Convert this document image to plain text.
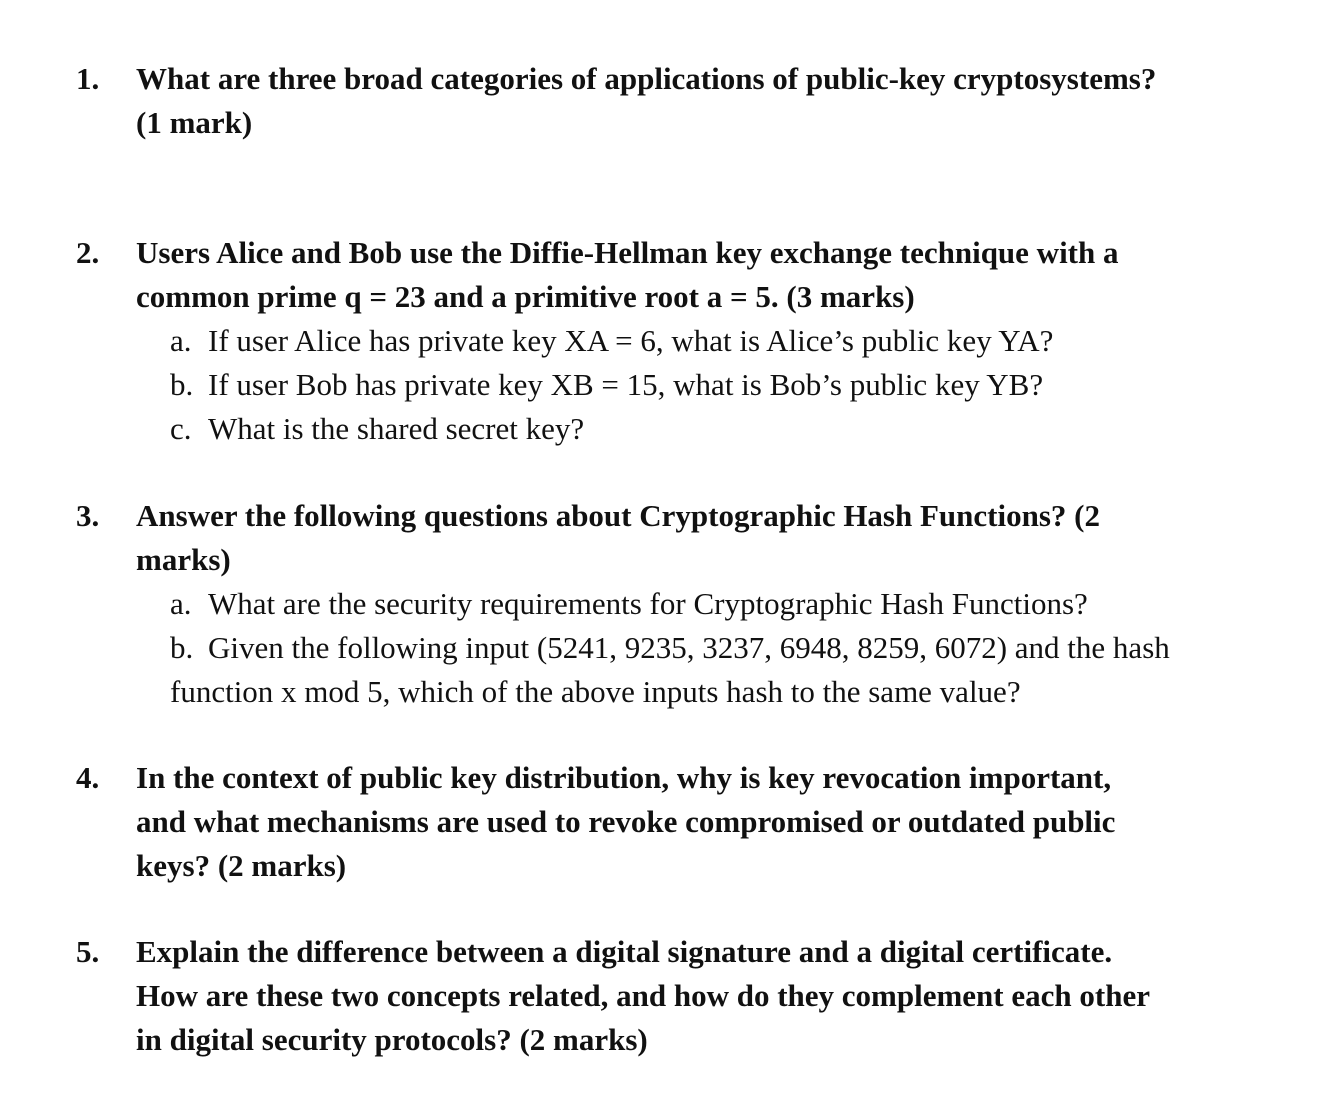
1. What are three broad categories of applications of public-key cryptosystems?
(1 mark)
2. Users Alice and Bob use the Diffie-Hellman key exchange technique with a
common prime q = 23 and a primitive root a = 5. (3 marks)
a. If user Alice has private key XA = 6, what is Alice’s public key YA?
b. If user Bob has private key XB = 15, what is Bob’s public key YB?
c. What is the shared secret key?
3. Answer the following questions about Cryptographic Hash Functions? (2
marks)
a. What are the security requirements for Cryptographic Hash Functions?
b. Given the following input (5241, 9235, 3237, 6948, 8259, 6072) and the hash
function x mod 5, which of the above inputs hash to the same value?
4. In the context of public key distribution, why is key revocation important,
and what mechanisms are used to revoke compromised or outdated public
keys? (2 marks)
5. Explain the difference between a digital signature and a digital certificate.
How are these two concepts related, and how do they complement each other
in digital security protocols? (2 marks)
